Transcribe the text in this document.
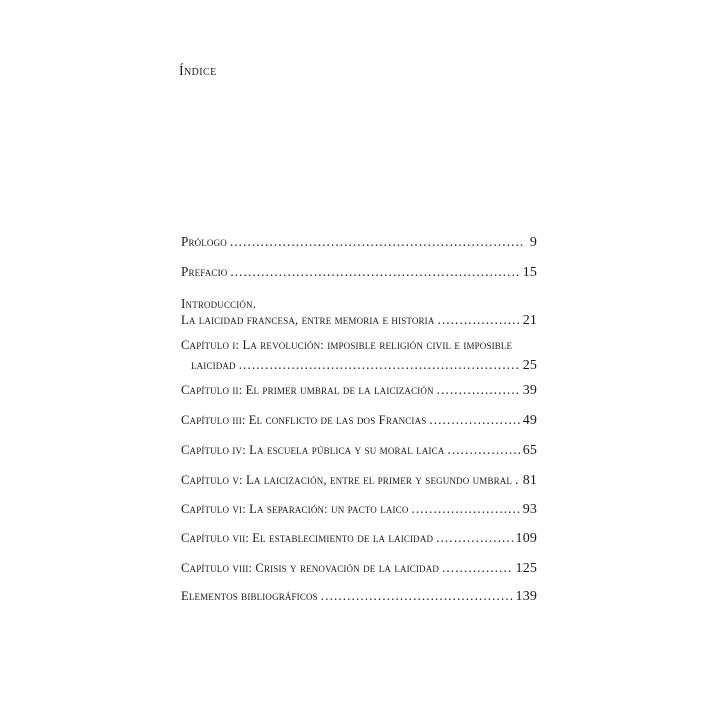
Índice
Prólogo . . .	9
Prefacio . . .	15
Introducción.
La laicidad francesa, entre memoria e historia . . .	21
Capítulo i: La revolución: imposible religión civil e imposible
laicidad . . .	25
Capítulo ii: El primer umbral de la laicización . . .	39
Capítulo iii: El conflicto de las dos Francias . . .	49
Capítulo iv: La escuela pública y su moral laica . . .	65
Capítulo v: La laicización, entre el primer y segundo umbral . . . 81
Capítulo vi: La separación: un pacto laico . . .	93
Capítulo vii: El establecimiento de la laicidad . . .	109
Capítulo viii: Crisis y renovación de la laicidad . . .	125
Elementos bibliográficos . . .	139
